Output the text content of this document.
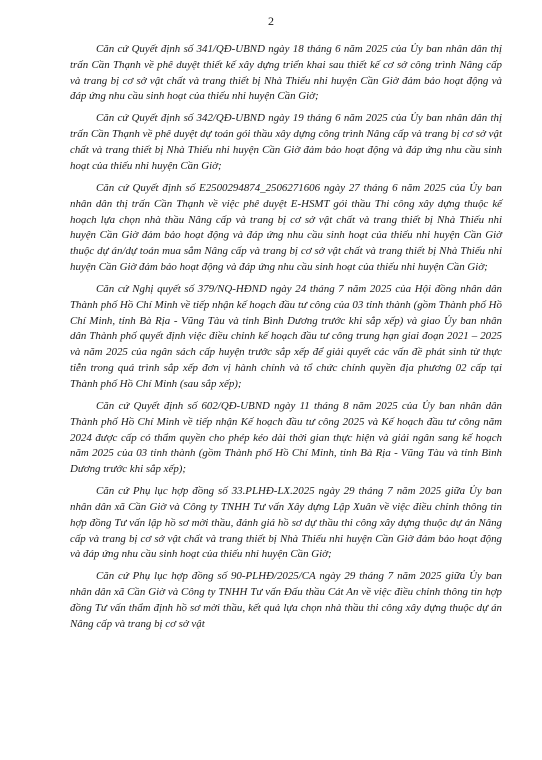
2

Căn cứ Quyết định số 341/QĐ-UBND ngày 18 tháng 6 năm 2025 của Ủy ban nhân dân thị trấn Cần Thạnh về phê duyệt thiết kế xây dựng triển khai sau thiết kế cơ sở công trình Nâng cấp và trang bị cơ sở vật chất và trang thiết bị Nhà Thiếu nhi huyện Cần Giờ đảm bảo hoạt động và đáp ứng nhu cầu sinh hoạt của thiếu nhi huyện Cần Giờ;

Căn cứ Quyết định số 342/QĐ-UBND ngày 19 tháng 6 năm 2025 của Ủy ban nhân dân thị trấn Cần Thạnh về phê duyệt dự toán gói thầu xây dựng công trình Nâng cấp và trang bị cơ sở vật chất và trang thiết bị Nhà Thiếu nhi huyện Cần Giờ đảm bảo hoạt động và đáp ứng nhu cầu sinh hoạt của thiếu nhi huyện Cần Giờ;

Căn cứ Quyết định số E2500294874_2506271606 ngày 27 tháng 6 năm 2025 của Ủy ban nhân dân thị trấn Cần Thạnh về việc phê duyệt E-HSMT gói thầu Thi công xây dựng thuộc kế hoạch lựa chọn nhà thầu Nâng cấp và trang bị cơ sở vật chất và trang thiết bị Nhà Thiếu nhi huyện Cần Giờ đảm bảo hoạt động và đáp ứng nhu cầu sinh hoạt của thiếu nhi huyện Cần Giờ thuộc dự án/dự toán mua sắm Nâng cấp và trang bị cơ sở vật chất và trang thiết bị Nhà Thiếu nhi huyện Cần Giờ đảm bảo hoạt động và đáp ứng nhu cầu sinh hoạt của thiếu nhi huyện Cần Giờ;

Căn cứ Nghị quyết số 379/NQ-HĐND ngày 24 tháng 7 năm 2025 của Hội đồng nhân dân Thành phố Hồ Chí Minh về tiếp nhận kế hoạch đầu tư công của 03 tỉnh thành (gồm Thành phố Hồ Chí Minh, tỉnh Bà Rịa - Vũng Tàu và tỉnh Bình Dương trước khi sắp xếp) và giao Ủy ban nhân dân Thành phố quyết định việc điều chỉnh kế hoạch đầu tư công trung hạn giai đoạn 2021 – 2025 và năm 2025 của ngân sách cấp huyện trước sắp xếp để giải quyết các vấn đề phát sinh từ thực tiễn trong quá trình sắp xếp đơn vị hành chính và tổ chức chính quyền địa phương 02 cấp tại Thành phố Hồ Chí Minh (sau sắp xếp);

Căn cứ Quyết định số 602/QĐ-UBND ngày 11 tháng 8 năm 2025 của Ủy ban nhân dân Thành phố Hồ Chí Minh về tiếp nhận Kế hoạch đầu tư công 2025 và Kế hoạch đầu tư công năm 2024 được cấp có thẩm quyền cho phép kéo dài thời gian thực hiện và giải ngân sang kế hoạch năm 2025 của 03 tỉnh thành (gồm Thành phố Hồ Chí Minh, tỉnh Bà Rịa - Vũng Tàu và tỉnh Bình Dương trước khi sắp xếp);

Căn cứ Phụ lục hợp đồng số 33.PLHĐ-LX.2025 ngày 29 tháng 7 năm 2025 giữa Ủy ban nhân dân xã Cần Giờ và Công ty TNHH Tư vấn Xây dựng Lập Xuân về việc điều chỉnh thông tin hợp đồng Tư vấn lập hồ sơ mời thầu, đánh giá hồ sơ dự thầu thi công xây dựng thuộc dự án Nâng cấp và trang bị cơ sở vật chất và trang thiết bị Nhà Thiếu nhi huyện Cần Giờ đảm bảo hoạt động và đáp ứng nhu cầu sinh hoạt của thiếu nhi huyện Cần Giờ;

Căn cứ Phụ lục hợp đồng số 90-PLHĐ/2025/CA ngày 29 tháng 7 năm 2025 giữa Ủy ban nhân dân xã Cần Giờ và Công ty TNHH Tư vấn Đấu thầu Cát An về việc điều chỉnh thông tin hợp đồng Tư vấn thẩm định hồ sơ mời thầu, kết quả lựa chọn nhà thầu thi công xây dựng thuộc dự án Nâng cấp và trang bị cơ sở vật
